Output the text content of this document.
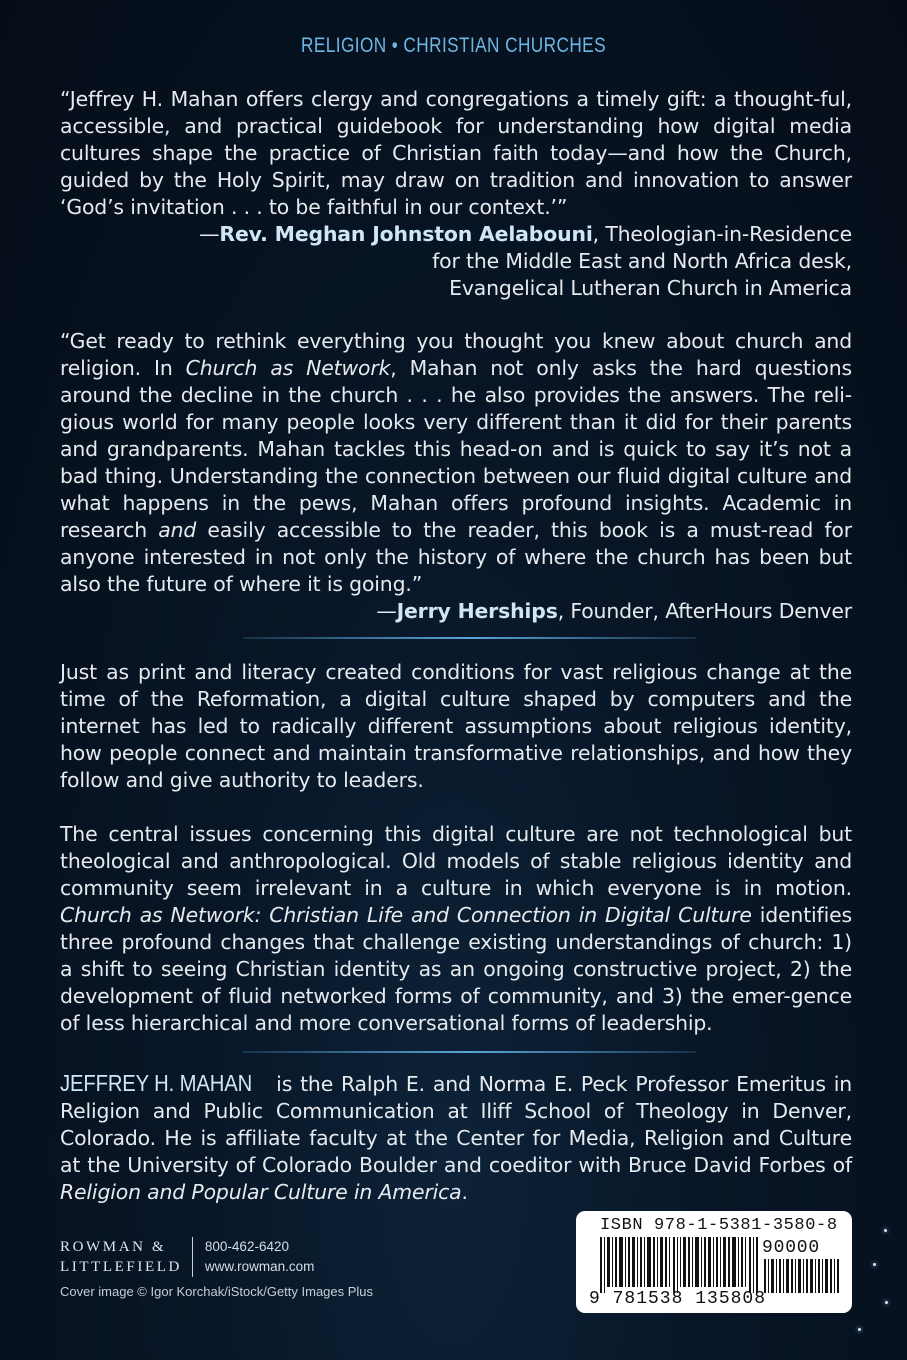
RELIGION • CHRISTIAN CHURCHES
“Jeffrey H. Mahan offers clergy and congregations a timely gift: a thought-ful, accessible, and practical guidebook for understanding how digital media cultures shape the practice of Christian faith today—and how the Church, guided by the Holy Spirit, may draw on tradition and innovation to answer ‘God’s invitation . . . to be faithful in our context.’”
—Rev. Meghan Johnston Aelabouni, Theologian-in-Residence
for the Middle East and North Africa desk,
Evangelical Lutheran Church in America
“Get ready to rethink everything you thought you knew about church and religion. In Church as Network, Mahan not only asks the hard questions around the decline in the church . . . he also provides the answers. The reli-gious world for many people looks very different than it did for their parents and grandparents. Mahan tackles this head-on and is quick to say it’s not a bad thing. Understanding the connection between our fluid digital culture and what happens in the pews, Mahan offers profound insights. Academic in research and easily accessible to the reader, this book is a must-read for anyone interested in not only the history of where the church has been but also the future of where it is going.”
—Jerry Herships, Founder, AfterHours Denver
Just as print and literacy created conditions for vast religious change at the time of the Reformation, a digital culture shaped by computers and the internet has led to radically different assumptions about religious identity, how people connect and maintain transformative relationships, and how they follow and give authority to leaders.
The central issues concerning this digital culture are not technological but theological and anthropological. Old models of stable religious identity and community seem irrelevant in a culture in which everyone is in motion. Church as Network: Christian Life and Connection in Digital Culture identifies three profound changes that challenge existing understandings of church: 1) a shift to seeing Christian identity as an ongoing constructive project, 2) the development of fluid networked forms of community, and 3) the emer-gence of less hierarchical and more conversational forms of leadership.
JEFFREY H. MAHAN is the Ralph E. and Norma E. Peck Professor Emeritus in Religion and Public Communication at Iliff School of Theology in Denver, Colorado. He is affiliate faculty at the Center for Media, Religion and Culture at the University of Colorado Boulder and coeditor with Bruce David Forbes of Religion and Popular Culture in America.
ROWMAN &
LITTLEFIELD
800-462-6420
www.rowman.com
Cover image © Igor Korchak/iStock/Getty Images Plus
ISBN 978-1-5381-3580-8
90000
9 781538 135808
